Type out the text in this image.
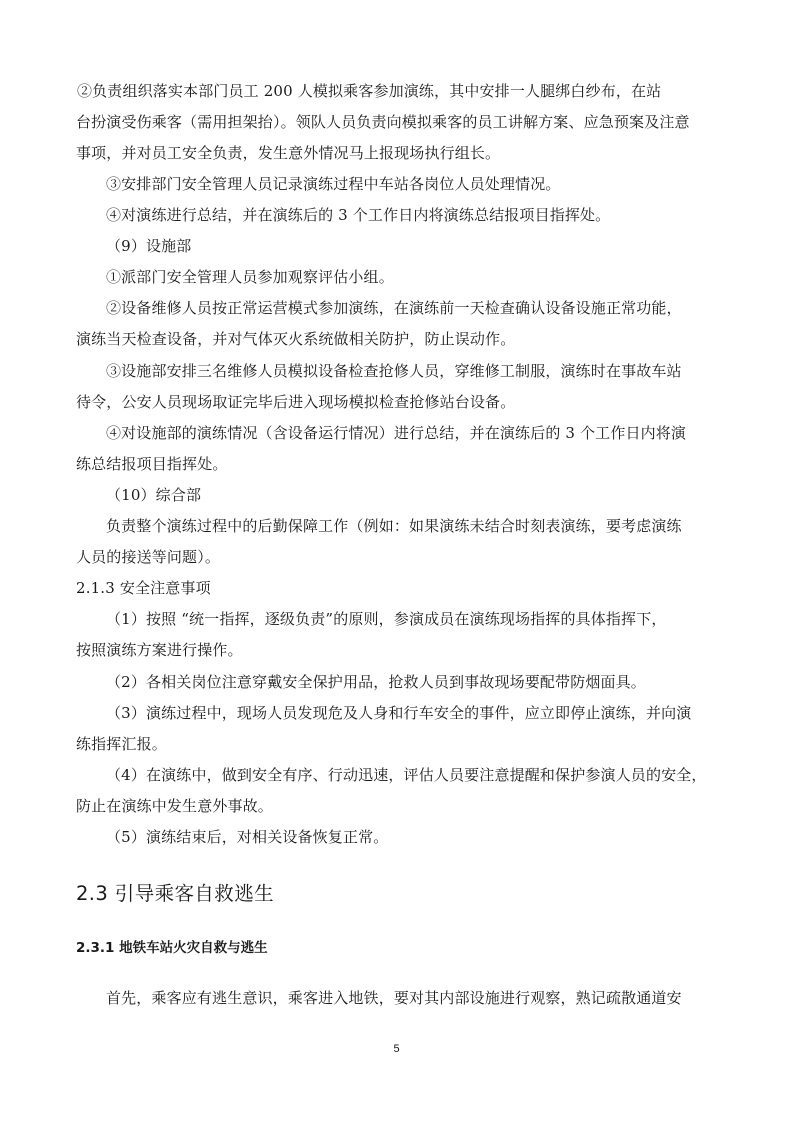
②负责组织落实本部门员工 200 人模拟乘客参加演练，其中安排一人腿绑白纱布，在站
台扮演受伤乘客（需用担架抬）。领队人员负责向模拟乘客的员工讲解方案、应急预案及注意
事项，并对员工安全负责，发生意外情况马上报现场执行组长。
③安排部门安全管理人员记录演练过程中车站各岗位人员处理情况。
④对演练进行总结，并在演练后的 3 个工作日内将演练总结报项目指挥处。
（9）设施部
①派部门安全管理人员参加观察评估小组。
②设备维修人员按正常运营模式参加演练，在演练前一天检查确认设备设施正常功能，
演练当天检查设备，并对气体灭火系统做相关防护，防止误动作。
③设施部安排三名维修人员模拟设备检查抢修人员，穿维修工制服，演练时在事故车站
待令，公安人员现场取证完毕后进入现场模拟检查抢修站台设备。
④对设施部的演练情况（含设备运行情况）进行总结，并在演练后的 3 个工作日内将演
练总结报项目指挥处。
（10）综合部
负责整个演练过程中的后勤保障工作（例如：如果演练未结合时刻表演练，要考虑演练
人员的接送等问题）。
2.1.3 安全注意事项
（1）按照 “统一指挥，逐级负责”的原则，参演成员在演练现场指挥的具体指挥下，
按照演练方案进行操作。
（2）各相关岗位注意穿戴安全保护用品，抢救人员到事故现场要配带防烟面具。
（3）演练过程中，现场人员发现危及人身和行车安全的事件，应立即停止演练，并向演
练指挥汇报。
（4）在演练中，做到安全有序、行动迅速，评估人员要注意提醒和保护参演人员的安全，
防止在演练中发生意外事故。
（5）演练结束后，对相关设备恢复正常。
2.3 引导乘客自救逃生
2.3.1 地铁车站火灾自救与逃生
首先，乘客应有逃生意识，乘客进入地铁，要对其内部设施进行观察，熟记疏散通道安
5
